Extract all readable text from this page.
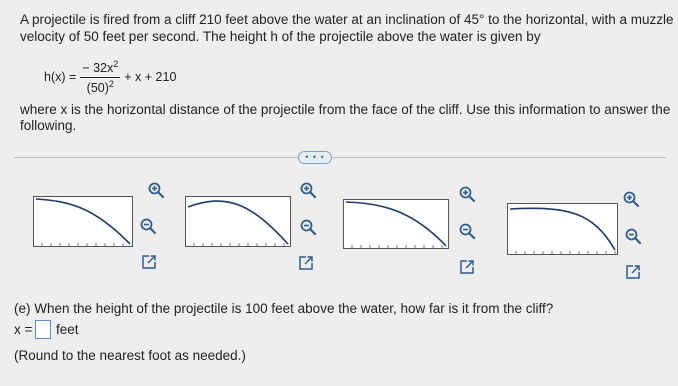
A projectile is fired from a cliff 210 feet above the water at an inclination of 45° to the horizontal, with a muzzle
velocity of 50 feet per second. The height h of the projectile above the water is given by
$h(x) = \frac{- 32x^2}{(50)^2} + x + 210$
where x is the horizontal distance of the projectile from the face of the cliff. Use this information to answer the
following.
• • •
(e) When the height of the projectile is 100 feet above the water, how far is it from the cliff?
x = feet
(Round to the nearest foot as needed.)
